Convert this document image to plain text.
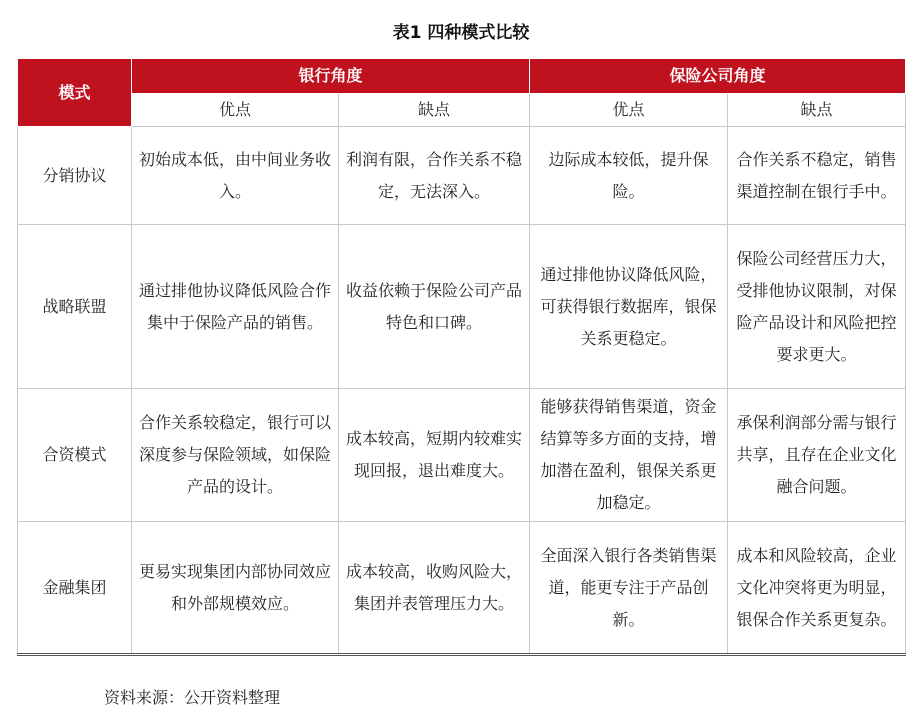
表1 四种模式比较
模式	银行角度		保险公司角度	
	优点	缺点	优点	缺点
分销协议	初始成本低，由中间业务收入。	利润有限，合作关系不稳定，无法深入。	边际成本较低，提升保险。	合作关系不稳定，销售渠道控制在银行手中。
战略联盟	通过排他协议降低风险合作集中于保险产品的销售。	收益依赖于保险公司产品特色和口碑。	通过排他协议降低风险，可获得银行数据库，银保关系更稳定。	保险公司经营压力大，受排他协议限制，对保险产品设计和风险把控要求更大。
合资模式	合作关系较稳定，银行可以深度参与保险领域，如保险产品的设计。	成本较高，短期内较难实现回报，退出难度大。	能够获得销售渠道，资金结算等多方面的支持，增加潜在盈利，银保关系更加稳定。	承保利润部分需与银行共享，且存在企业文化融合问题。
金融集团	更易实现集团内部协同效应和外部规模效应。	成本较高，收购风险大，集团并表管理压力大。	全面深入银行各类销售渠道，能更专注于产品创新。	成本和风险较高，企业文化冲突将更为明显，银保合作关系更复杂。
资料来源：公开资料整理
